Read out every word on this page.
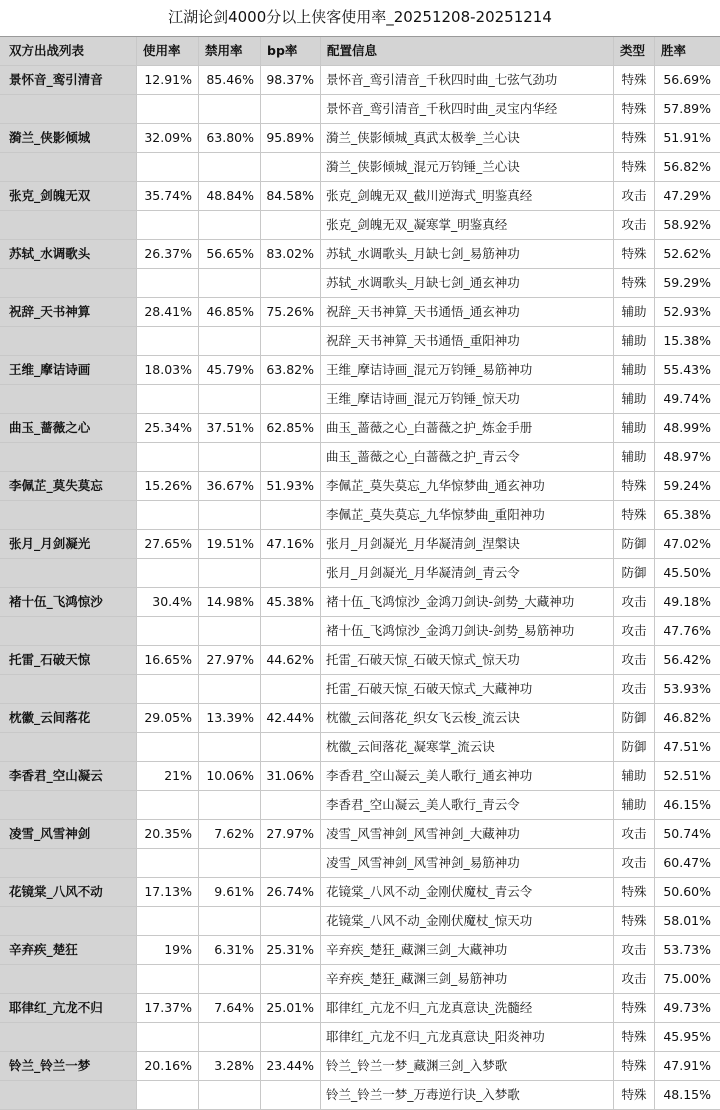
江湖论剑4000分以上侠客使用率_20251208-20251214
双方出战列表	使用率	禁用率	bp率	配置信息	类型	胜率
景怀音_鸾引清音	12.91%	85.46% 98.37% 景怀音_鸾引清音_千秋四时曲_七弦气劲功	特殊	56.69%
景怀音_鸾引清音_千秋四时曲_灵宝内华经	特殊	57.89%
漪兰_侠影倾城	32.09%	63.80% 95.89% 漪兰_侠影倾城_真武太极拳_兰心诀	特殊	51.91%
漪兰_侠影倾城_混元万钧锤_兰心诀	特殊	56.82%
张克_剑魄无双	35.74%	48.84% 84.58% 张克_剑魄无双_截川逆海式_明鉴真经	攻击	47.29%
张克_剑魄无双_凝寒掌_明鉴真经	攻击	58.92%
苏轼_水调歌头	26.37%	56.65% 83.02% 苏轼_水调歌头_月缺七剑_易筋神功	特殊	52.62%
苏轼_水调歌头_月缺七剑_通玄神功	特殊	59.29%
祝辞_天书神算	28.41%	46.85% 75.26% 祝辞_天书神算_天书通悟_通玄神功	辅助	52.93%
祝辞_天书神算_天书通悟_重阳神功	辅助	15.38%
王维_摩诘诗画	18.03%	45.79% 63.82% 王维_摩诘诗画_混元万钧锤_易筋神功	辅助	55.43%
王维_摩诘诗画_混元万钧锤_惊天功	辅助	49.74%
曲玉_蔷薇之心	25.34%	37.51% 62.85% 曲玉_蔷薇之心_白蔷薇之护_炼金手册	辅助	48.99%
曲玉_蔷薇之心_白蔷薇之护_青云令	辅助	48.97%
李佩芷_莫失莫忘	15.26%	36.67% 51.93% 李佩芷_莫失莫忘_九华惊梦曲_通玄神功	特殊	59.24%
李佩芷_莫失莫忘_九华惊梦曲_重阳神功	特殊	65.38%
张月_月剑凝光	27.65%	19.51% 47.16% 张月_月剑凝光_月华凝清剑_涅槃诀	防御	47.02%
张月_月剑凝光_月华凝清剑_青云令	防御	45.50%
褚十伍_飞鸿惊沙	30.4%	14.98% 45.38% 褚十伍_飞鸿惊沙_金鸿刀剑诀-剑势_大藏神功	攻击	49.18%
褚十伍_飞鸿惊沙_金鸿刀剑诀-剑势_易筋神功	攻击	47.76%
托雷_石破天惊	16.65%	27.97% 44.62% 托雷_石破天惊_石破天惊式_惊天功	攻击	56.42%
托雷_石破天惊_石破天惊式_大藏神功	攻击	53.93%
枕徽_云间落花	29.05%	13.39% 42.44% 枕徽_云间落花_织女飞云梭_流云诀	防御	46.82%
枕徽_云间落花_凝寒掌_流云诀	防御	47.51%
李香君_空山凝云	21%	10.06% 31.06% 李香君_空山凝云_美人歌行_通玄神功	辅助	52.51%
李香君_空山凝云_美人歌行_青云令	辅助	46.15%
凌雪_风雪神剑	20.35%	7.62% 27.97% 凌雪_风雪神剑_风雪神剑_大藏神功	攻击	50.74%
凌雪_风雪神剑_风雪神剑_易筋神功	攻击	60.47%
花镜棠_八风不动	17.13%	9.61% 26.74% 花镜棠_八风不动_金刚伏魔杖_青云令	特殊	50.60%
花镜棠_八风不动_金刚伏魔杖_惊天功	特殊	58.01%
辛弃疾_楚狂	19%	6.31% 25.31% 辛弃疾_楚狂_藏渊三剑_大藏神功	攻击	53.73%
辛弃疾_楚狂_藏渊三剑_易筋神功	攻击	75.00%
耶律红_亢龙不归	17.37%	7.64% 25.01% 耶律红_亢龙不归_亢龙真意诀_洗髓经	特殊	49.73%
耶律红_亢龙不归_亢龙真意诀_阳炎神功	特殊	45.95%
铃兰_铃兰一梦	20.16%	3.28% 23.44% 铃兰_铃兰一梦_藏渊三剑_入梦歌	特殊	47.91%
铃兰_铃兰一梦_万毒逆行诀_入梦歌	特殊	48.15%
